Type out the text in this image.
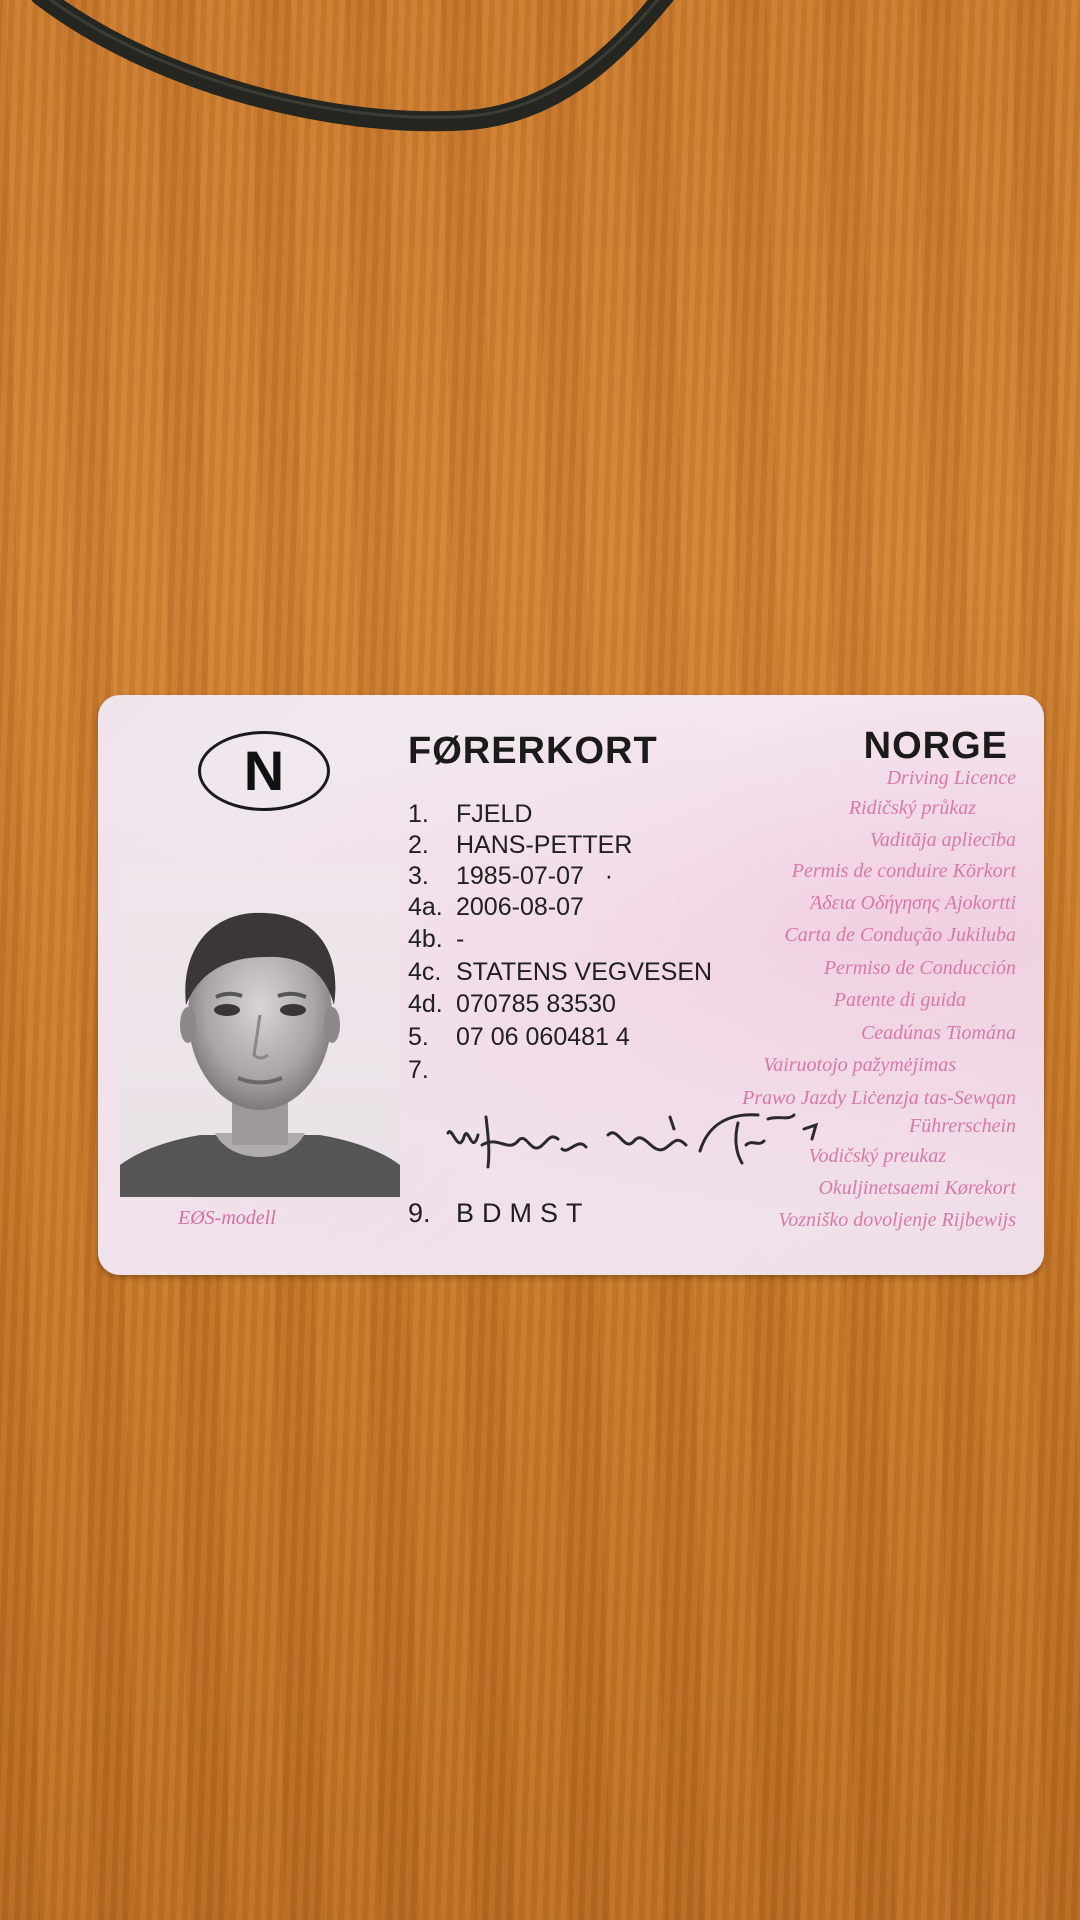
N	FØRERKORT	NORGE
Driving Licence
Ridičský průkaz
Vaditāja apliecība
Permis de conduire Körkort
Άδεια Οδήγησης Ajokortti
Carta de Condução Jukiluba
Permiso de Conducción
Patente di guida
Ceadúnas Tiomána
Vairuotojo pažymėjimas
Prawo Jazdy Liċenzja tas-Sewqan
Führerschein
Vodičský preukaz
Okuljinetsaemi Kørekort
Vozniško dovoljenje Rijbewijs
EØS-modell
1. FJELD
2. HANS-PETTER
3. 1985-07-07   ·
4a. 2006-08-07
4b. -
4c. STATENS VEGVESEN
4d. 070785 83530
5. 07 06 060481 4
7.
9. BDMST
